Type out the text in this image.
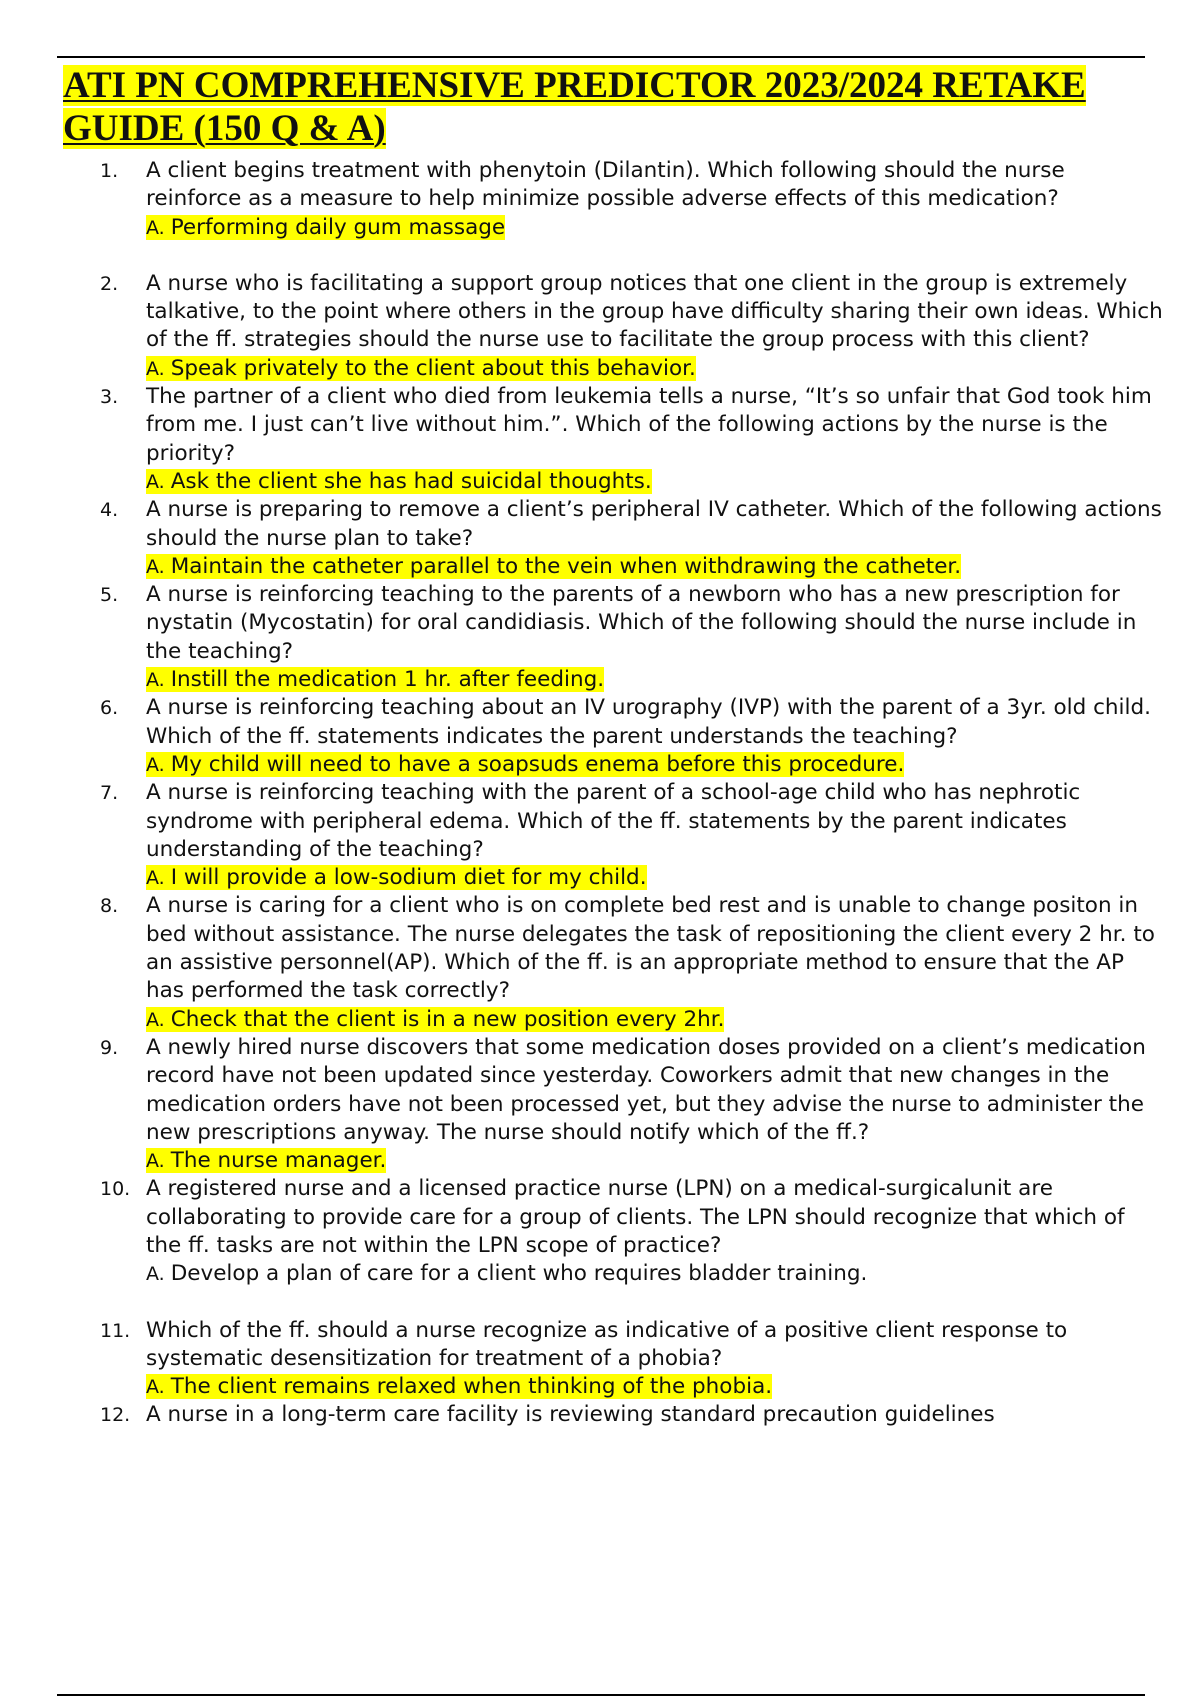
ATI PN COMPREHENSIVE PREDICTOR 2023/2024 RETAKE GUIDE (150 Q & A)
1.	A client begins treatment with phenytoin (Dilantin). Which following should the nurse reinforce as a measure to help minimize possible adverse effects of this medication?
A. Performing daily gum massage
2.	A nurse who is facilitating a support group notices that one client in the group is extremely talkative, to the point where others in the group have difficulty sharing their own ideas. Which of the ff. strategies should the nurse use to facilitate the group process with this client?
A. Speak privately to the client about this behavior.
3.	The partner of a client who died from leukemia tells a nurse, “It’s so unfair that God took him from me. I just can’t live without him.”. Which of the following actions by the nurse is the priority?
A. Ask the client she has had suicidal thoughts.
4.	A nurse is preparing to remove a client’s peripheral IV catheter. Which of the following actions should the nurse plan to take?
A. Maintain the catheter parallel to the vein when withdrawing the catheter.
5.	A nurse is reinforcing teaching to the parents of a newborn who has a new prescription for nystatin (Mycostatin) for oral candidiasis. Which of the following should the nurse include in the teaching?
A. Instill the medication 1 hr. after feeding.
6.	A nurse is reinforcing teaching about an IV urography (IVP) with the parent of a 3yr. old child. Which of the ff. statements indicates the parent understands the teaching?
A. My child will need to have a soapsuds enema before this procedure.
7.	A nurse is reinforcing teaching with the parent of a school-age child who has nephrotic syndrome with peripheral edema. Which of the ff. statements by the parent indicates understanding of the teaching?
A. I will provide a low-sodium diet for my child.
8.	A nurse is caring for a client who is on complete bed rest and is unable to change positon in bed without assistance. The nurse delegates the task of repositioning the client every 2 hr. to an assistive personnel(AP). Which of the ff. is an appropriate method to ensure that the AP has performed the task correctly?
A. Check that the client is in a new position every 2hr.
9.	A newly hired nurse discovers that some medication doses provided on a client’s medication record have not been updated since yesterday. Coworkers admit that new changes in the medication orders have not been processed yet, but they advise the nurse to administer the new prescriptions anyway. The nurse should notify which of the ff.?
A. The nurse manager.
10. A registered nurse and a licensed practice nurse (LPN) on a medical-surgicalunit are collaborating to provide care for a group of clients. The LPN should recognize that which of the ff. tasks are not within the LPN scope of practice?
A. Develop a plan of care for a client who requires bladder training.
11. Which of the ff. should a nurse recognize as indicative of a positive client response to systematic desensitization for treatment of a phobia?
A. The client remains relaxed when thinking of the phobia.
12. A nurse in a long-term care facility is reviewing standard precaution guidelines
